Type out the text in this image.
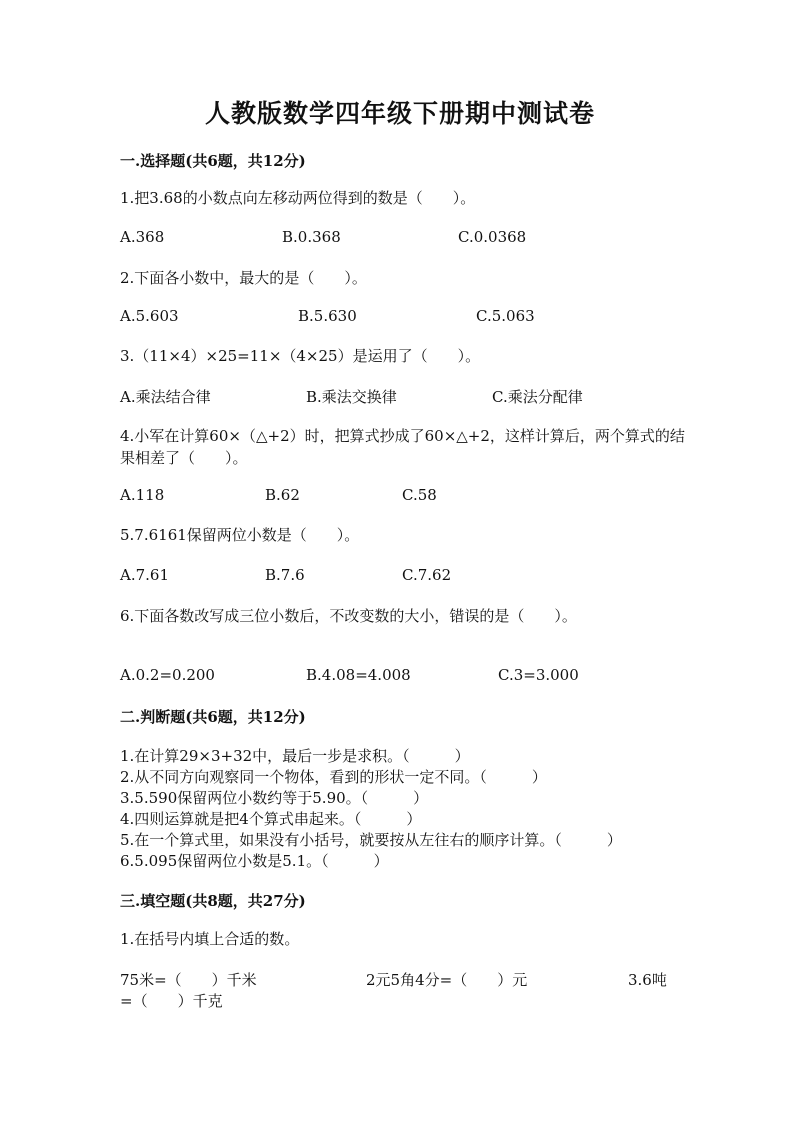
人教版数学四年级下册期中测试卷
一.选择题(共6题，共12分)
1.把3.68的小数点向左移动两位得到的数是（　　）。
A.368	B.0.368	C.0.0368
2.下面各小数中，最大的是（　　）。
A.5.603	B.5.630	C.5.063
3.（11×4）×25=11×（4×25）是运用了（　　）。
A.乘法结合律	B.乘法交换律	C.乘法分配律
4.小军在计算60×（△+2）时，把算式抄成了60×△+2，这样计算后，两个算式的结果相差了（　　）。
A.118	B.62	C.58
5.7.6161保留两位小数是（　　）。
A.7.61	B.7.6	C.7.62
6.下面各数改写成三位小数后，不改变数的大小，错误的是（　　）。
A.0.2=0.200	B.4.08=4.008	C.3=3.000
二.判断题(共6题，共12分)
1.在计算29×3+32中，最后一步是求积。（　　　）
2.从不同方向观察同一个物体，看到的形状一定不同。（　　　）
3.5.590保留两位小数约等于5.90。（　　　）
4.四则运算就是把4个算式串起来。（　　　）
5.在一个算式里，如果没有小括号，就要按从左往右的顺序计算。（　　　）
6.5.095保留两位小数是5.1。（　　　）
三.填空题(共8题，共27分)
1.在括号内填上合适的数。
75米=（　　）千米	2元5角4分=（　　）元	3.6吨
=（　　）千克
